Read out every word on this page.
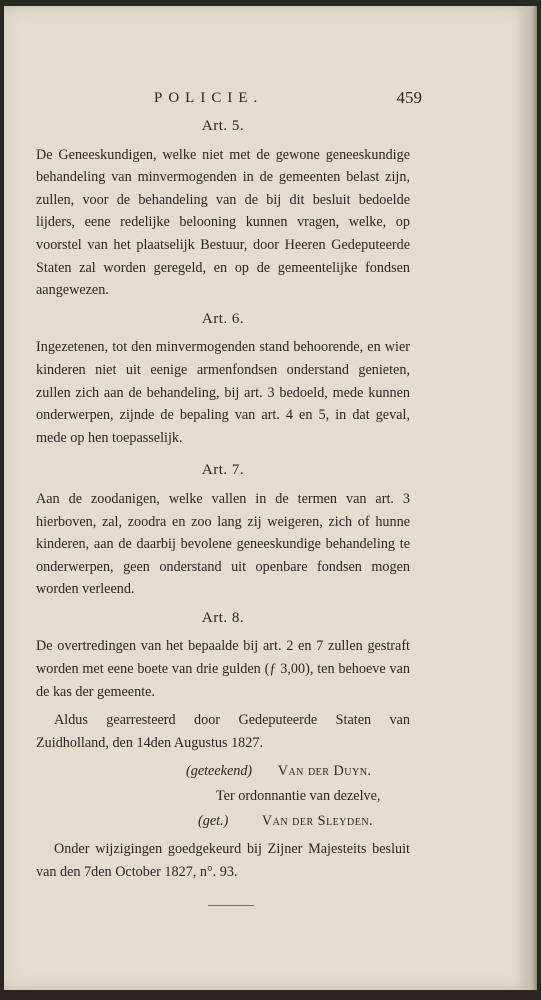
POLICIE.	459
Art. 5.

De Geneeskundigen, welke niet met de gewone geneeskundige behandeling van minvermogenden in de gemeenten belast zijn, zullen, voor de behandeling van de bij dit besluit bedoelde lijders, eene redelijke belooning kunnen vragen, welke, op voorstel van het plaatselijk Bestuur, door Heeren Gedeputeerde Staten zal worden geregeld, en op de gemeentelijke fondsen aangewezen.

Art. 6.

Ingezetenen, tot den minvermogenden stand behoorende, en wier kinderen niet uit eenige armenfondsen onderstand genieten, zullen zich aan de behandeling, bij art. 3 bedoeld, mede kunnen onderwerpen, zijnde de bepaling van art. 4 en 5, in dat geval, mede op hen toepasselijk.

Art. 7.

Aan de zoodanigen, welke vallen in de termen van art. 3 hierboven, zal, zoodra en zoo lang zij weigeren, zich of hunne kinderen, aan de daarbij bevolene geneeskundige behandeling te onderwerpen, geen onderstand uit openbare fondsen mogen worden verleend.

Art. 8.

De overtredingen van het bepaalde bij art. 2 en 7 zullen gestraft worden met eene boete van drie gulden (ƒ 3,00), ten behoeve van de kas der gemeente.

Aldus gearresteerd door Gedeputeerde Staten van Zuidholland, den 14den Augustus 1827.

(geteekend) Van der Duyn.
Ter ordonnantie van dezelve,
(get.) Van der Sleyden.

Onder wijzigingen goedgekeurd bij Zijner Majesteits besluit van den 7den October 1827, n°. 93.
